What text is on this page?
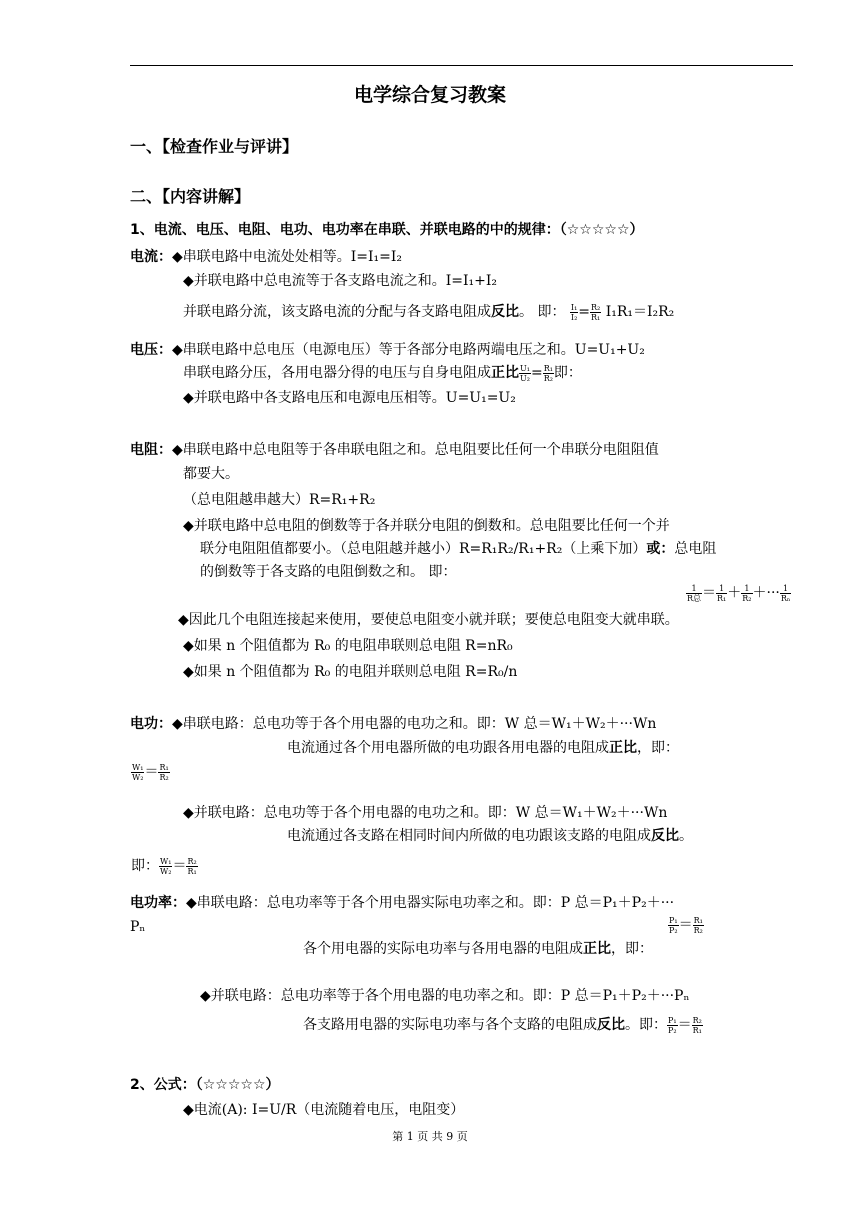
电学综合复习教案
一、【检查作业与评讲】
二、【内容讲解】
1、电流、电压、电阻、电功、电功率在串联、并联电路的中的规律：（☆☆☆☆☆）
电流：◆串联电路中电流处处相等。I=I₁=I₂
◆并联电路中总电流等于各支路电流之和。I=I₁+I₂
并联电路分流，该支路电流的分配与各支路电阻成反比。 即： $\frac{\text{I₁}}{\text{I₂}} = \frac{\text{R₂}}{\text{R₁}} I_1R_1=I_2R_2$
电压：◆串联电路中总电压（电源电压）等于各部分电路两端电压之和。U=U₁+U₂
串联电路分压，各用电器分得的电压与自身电阻成正比 $\frac{\text{U₁}}{\text{U₂}} = \frac{\text{R₁}}{\text{R₂}}$ 即：
◆并联电路中各支路电压和电源电压相等。U=U₁=U₂
电阻：◆串联电路中总电阻等于各串联电阻之和。总电阻要比任何一个串联分电阻阻值
都要大。
（总电阻越串越大）R=R₁+R₂
◆并联电路中总电阻的倒数等于各并联分电阻的倒数和。总电阻要比任何一个并
联分电阻阻值都要小。（总电阻越并越小）R=R₁R₂/R₁+R₂（上乘下加）或：总电阻
的倒数等于各支路的电阻倒数之和。 即：
$\frac{1}{\text{R总}} = \frac{1}{\text{R₁}} + \frac{1}{\text{R₂}}$ ＋··· $\frac{1}{\text{Rₙ}}$
◆因此几个电阻连接起来使用，要使总电阻变小就并联；要使总电阻变大就串联。
◆如果 n 个阻值都为 R₀ 的电阻串联则总电阻 R=nR₀
◆如果 n 个阻值都为 R₀ 的电阻并联则总电阻 R=R₀/n
电功：◆串联电路：总电功等于各个用电器的电功之和。即：W 总＝W₁＋W₂＋···Wn
电流通过各个用电器所做的电功跟各用电器的电阻成正比，即：
$\frac{\text{W₁}}{\text{W₂}} = \frac{\text{R₁}}{\text{R₂}}$
◆并联电路：总电功等于各个用电器的电功之和。即：W 总＝W₁＋W₂＋···Wn
电流通过各支路在相同时间内所做的电功跟该支路的电阻成反比。
即： $\frac{\text{W₁}}{\text{W₂}} = \frac{\text{R₂}}{\text{R₁}}$
电功率：◆串联电路：总电功率等于各个用电器实际电功率之和。即：P 总＝P₁＋P₂＋···
Pₙ	$\frac{\text{P₁}}{\text{P₂}} = \frac{\text{R₁}}{\text{R₂}}$
各个用电器的实际电功率与各用电器的电阻成正比，即：
◆并联电路：总电功率等于各个用电器的电功率之和。即：P 总＝P₁＋P₂＋···Pₙ
各支路用电器的实际电功率与各个支路的电阻成反比。即： $\frac{\text{P₁}}{\text{P₂}} = \frac{\text{R₂}}{\text{R₁}}$
2、公式：（☆☆☆☆☆）
◆电流(A): I=U/R（电流随着电压，电阻变）
第 1 页 共 9 页
